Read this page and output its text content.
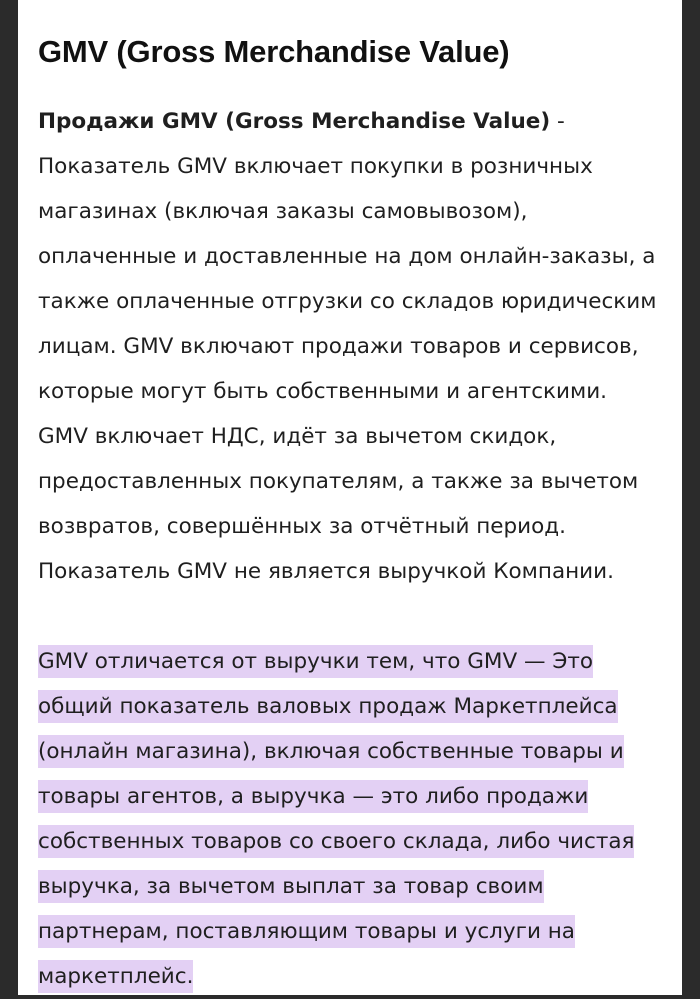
GMV (Gross Merchandise Value)

Продажи GMV (Gross Merchandise Value) -
Показатель GMV включает покупки в розничных магазинах (включая заказы самовывозом), оплаченные и доставленные на дом онлайн-заказы, а также оплаченные отгрузки со складов юридическим лицам. GMV включают продажи товаров и сервисов, которые могут быть собственными и агентскими. GMV включает НДС, идёт за вычетом скидок, предоставленных покупателям, а также за вычетом возвратов, совершённых за отчётный период. Показатель GMV не является выручкой Компании.

GMV отличается от выручки тем, что GMV — Это общий показатель валовых продаж Маркетплейса (онлайн магазина), включая собственные товары и товары агентов, а выручка — это либо продажи собственных товаров со своего склада, либо чистая выручка, за вычетом выплат за товар своим партнерам, поставляющим товары и услуги на маркетплейс.
